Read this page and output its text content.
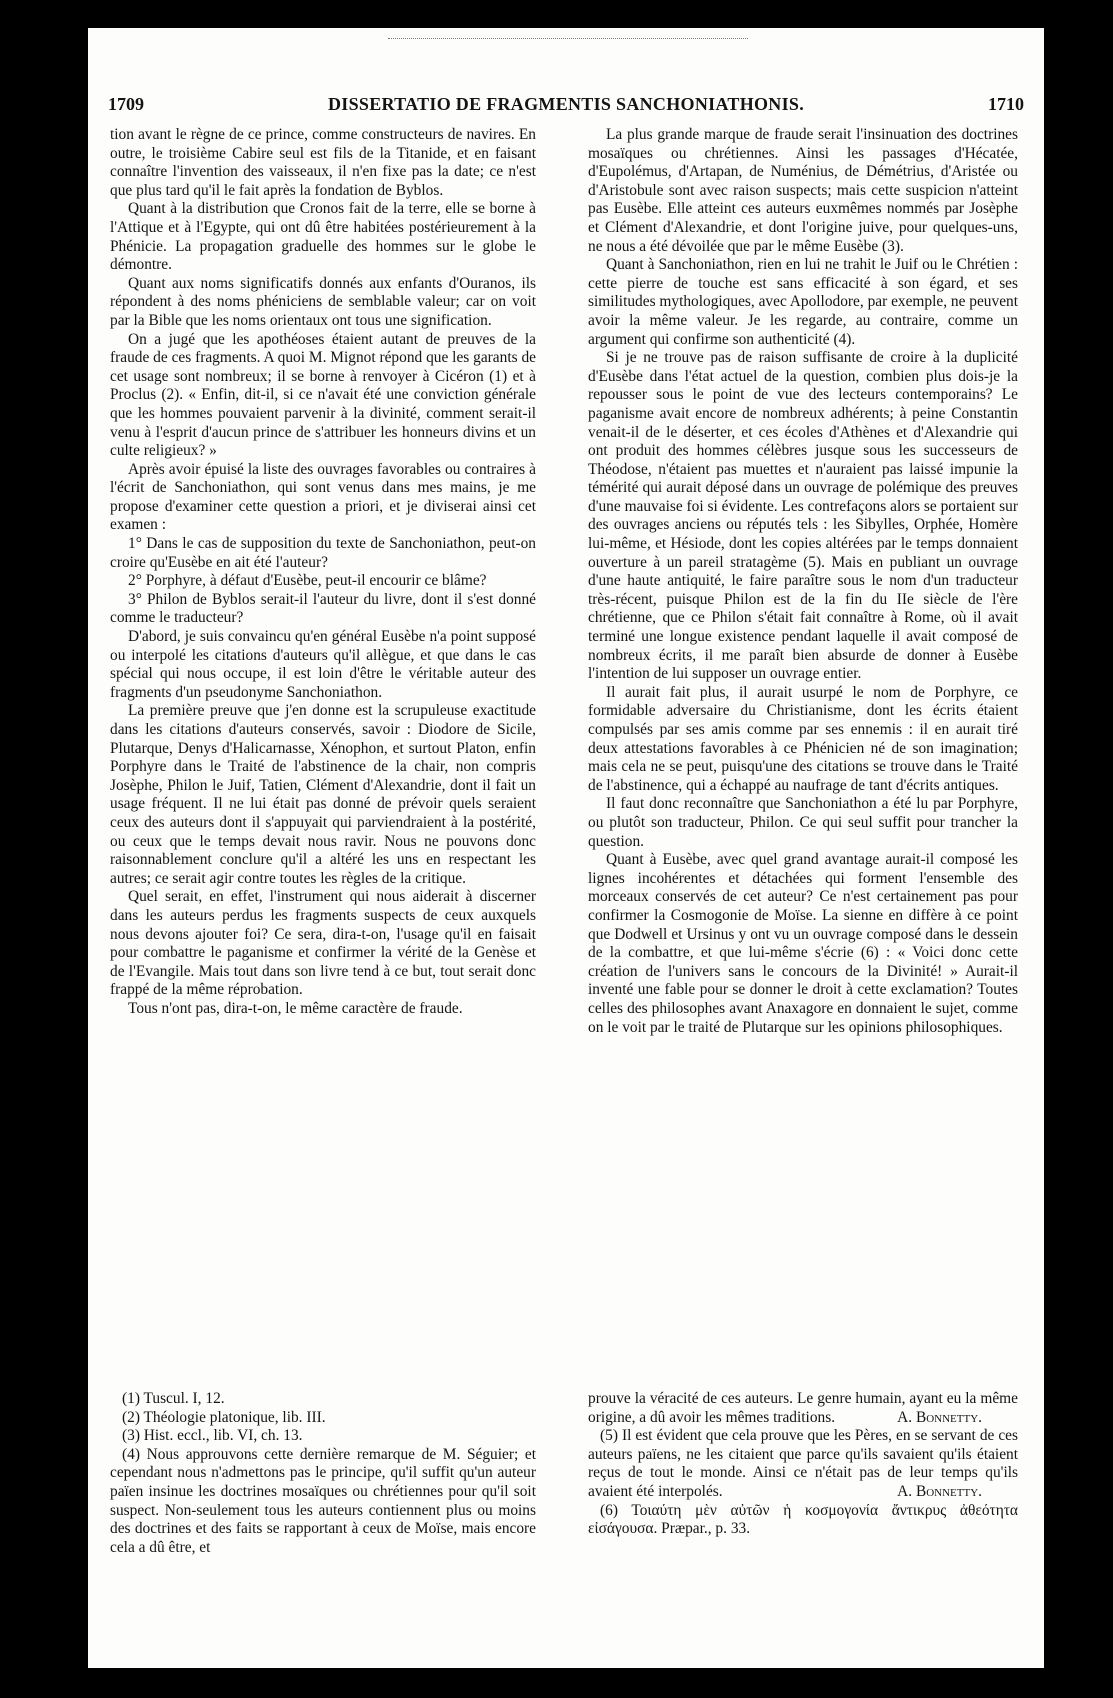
1709	DISSERTATIO DE FRAGMENTIS SANCHONIATHONIS.	1710

tion avant le règne de ce prince, comme constructeurs de navires. En outre, le troisième Cabire seul est fils de la Titanide, et en faisant connaître l'invention des vaisseaux, il n'en fixe pas la date; ce n'est que plus tard qu'il le fait après la fondation de Byblos.

Quant à la distribution que Cronos fait de la terre, elle se borne à l'Attique et à l'Egypte, qui ont dû être habitées postérieurement à la Phénicie. La propagation graduelle des hommes sur le globe le démontre.

Quant aux noms significatifs donnés aux enfants d'Ouranos, ils répondent à des noms phéniciens de semblable valeur; car on voit par la Bible que les noms orientaux ont tous une signification.

On a jugé que les apothéoses étaient autant de preuves de la fraude de ces fragments. A quoi M. Mignot répond que les garants de cet usage sont nombreux; il se borne à renvoyer à Cicéron (1) et à Proclus (2). « Enfin, dit-il, si ce n'avait été une conviction générale que les hommes pouvaient parvenir à la divinité, comment serait-il venu à l'esprit d'aucun prince de s'attribuer les honneurs divins et un culte religieux? »

Après avoir épuisé la liste des ouvrages favorables ou contraires à l'écrit de Sanchoniathon, qui sont venus dans mes mains, je me propose d'examiner cette question a priori, et je diviserai ainsi cet examen :

1° Dans le cas de supposition du texte de Sanchoniathon, peut-on croire qu'Eusèbe en ait été l'auteur?

2° Porphyre, à défaut d'Eusèbe, peut-il encourir ce blâme?

3° Philon de Byblos serait-il l'auteur du livre, dont il s'est donné comme le traducteur?

D'abord, je suis convaincu qu'en général Eusèbe n'a point supposé ou interpolé les citations d'auteurs qu'il allègue, et que dans le cas spécial qui nous occupe, il est loin d'être le véritable auteur des fragments d'un pseudonyme Sanchoniathon.

La première preuve que j'en donne est la scrupuleuse exactitude dans les citations d'auteurs conservés, savoir : Diodore de Sicile, Plutarque, Denys d'Halicarnasse, Xénophon, et surtout Platon, enfin Porphyre dans le Traité de l'abstinence de la chair, non compris Josèphe, Philon le Juif, Tatien, Clément d'Alexandrie, dont il fait un usage fréquent. Il ne lui était pas donné de prévoir quels seraient ceux des auteurs dont il s'appuyait qui parviendraient à la postérité, ou ceux que le temps devait nous ravir. Nous ne pouvons donc raisonnablement conclure qu'il a altéré les uns en respectant les autres; ce serait agir contre toutes les règles de la critique.

Quel serait, en effet, l'instrument qui nous aiderait à discerner dans les auteurs perdus les fragments suspects de ceux auxquels nous devons ajouter foi? Ce sera, dira-t-on, l'usage qu'il en faisait pour combattre le paganisme et confirmer la vérité de la Genèse et de l'Evangile. Mais tout dans son livre tend à ce but, tout serait donc frappé de la même réprobation.

Tous n'ont pas, dira-t-on, le même caractère de fraude.

La plus grande marque de fraude serait l'insinuation des doctrines mosaïques ou chrétiennes. Ainsi les passages d'Hécatée, d'Eupolémus, d'Artapan, de Numénius, de Démétrius, d'Aristée ou d'Aristobule sont avec raison suspects; mais cette suspicion n'atteint pas Eusèbe. Elle atteint ces auteurs euxmêmes nommés par Josèphe et Clément d'Alexandrie, et dont l'origine juive, pour quelques-uns, ne nous a été dévoilée que par le même Eusèbe (3).

Quant à Sanchoniathon, rien en lui ne trahit le Juif ou le Chrétien : cette pierre de touche est sans efficacité à son égard, et ses similitudes mythologiques, avec Apollodore, par exemple, ne peuvent avoir la même valeur. Je les regarde, au contraire, comme un argument qui confirme son authenticité (4).

Si je ne trouve pas de raison suffisante de croire à la duplicité d'Eusèbe dans l'état actuel de la question, combien plus dois-je la repousser sous le point de vue des lecteurs contemporains? Le paganisme avait encore de nombreux adhérents; à peine Constantin venait-il de le déserter, et ces écoles d'Athènes et d'Alexandrie qui ont produit des hommes célèbres jusque sous les successeurs de Théodose, n'étaient pas muettes et n'auraient pas laissé impunie la témérité qui aurait déposé dans un ouvrage de polémique des preuves d'une mauvaise foi si évidente. Les contrefaçons alors se portaient sur des ouvrages anciens ou réputés tels : les Sibylles, Orphée, Homère lui-même, et Hésiode, dont les copies altérées par le temps donnaient ouverture à un pareil stratagème (5). Mais en publiant un ouvrage d'une haute antiquité, le faire paraître sous le nom d'un traducteur très-récent, puisque Philon est de la fin du IIe siècle de l'ère chrétienne, que ce Philon s'était fait connaître à Rome, où il avait terminé une longue existence pendant laquelle il avait composé de nombreux écrits, il me paraît bien absurde de donner à Eusèbe l'intention de lui supposer un ouvrage entier.

Il aurait fait plus, il aurait usurpé le nom de Porphyre, ce formidable adversaire du Christianisme, dont les écrits étaient compulsés par ses amis comme par ses ennemis : il en aurait tiré deux attestations favorables à ce Phénicien né de son imagination; mais cela ne se peut, puisqu'une des citations se trouve dans le Traité de l'abstinence, qui a échappé au naufrage de tant d'écrits antiques.

Il faut donc reconnaître que Sanchoniathon a été lu par Porphyre, ou plutôt son traducteur, Philon. Ce qui seul suffit pour trancher la question.

Quant à Eusèbe, avec quel grand avantage aurait-il composé les lignes incohérentes et détachées qui forment l'ensemble des morceaux conservés de cet auteur? Ce n'est certainement pas pour confirmer la Cosmogonie de Moïse. La sienne en diffère à ce point que Dodwell et Ursinus y ont vu un ouvrage composé dans le dessein de la combattre, et que lui-même s'écrie (6) : « Voici donc cette création de l'univers sans le concours de la Divinité! » Aurait-il inventé une fable pour se donner le droit à cette exclamation? Toutes celles des philosophes avant Anaxagore en donnaient le sujet, comme on le voit par le traité de Plutarque sur les opinions philosophiques.

(1) Tuscul. I, 12.

(2) Théologie platonique, lib. III.

(3) Hist. eccl., lib. VI, ch. 13.

(4) Nous approuvons cette dernière remarque de M. Séguier; et cependant nous n'admettons pas le principe, qu'il suffit qu'un auteur païen insinue les doctrines mosaïques ou chrétiennes pour qu'il soit suspect. Non-seulement tous les auteurs contiennent plus ou moins des doctrines et des faits se rapportant à ceux de Moïse, mais encore cela a dû être, et

prouve la véracité de ces auteurs. Le genre humain, ayant eu la même origine, a dû avoir les mêmes traditions.	A. Bonnetty.

(5) Il est évident que cela prouve que les Pères, en se servant de ces auteurs païens, ne les citaient que parce qu'ils savaient qu'ils étaient reçus de tout le monde. Ainsi ce n'était pas de leur temps qu'ils avaient été interpolés.	A. Bonnetty.

(6) Τοιαύτη μὲν αὐτῶν ἡ κοσμογονία ἄντικρυς ἀθεότητα εἰσάγουσα. Præpar., p. 33.
